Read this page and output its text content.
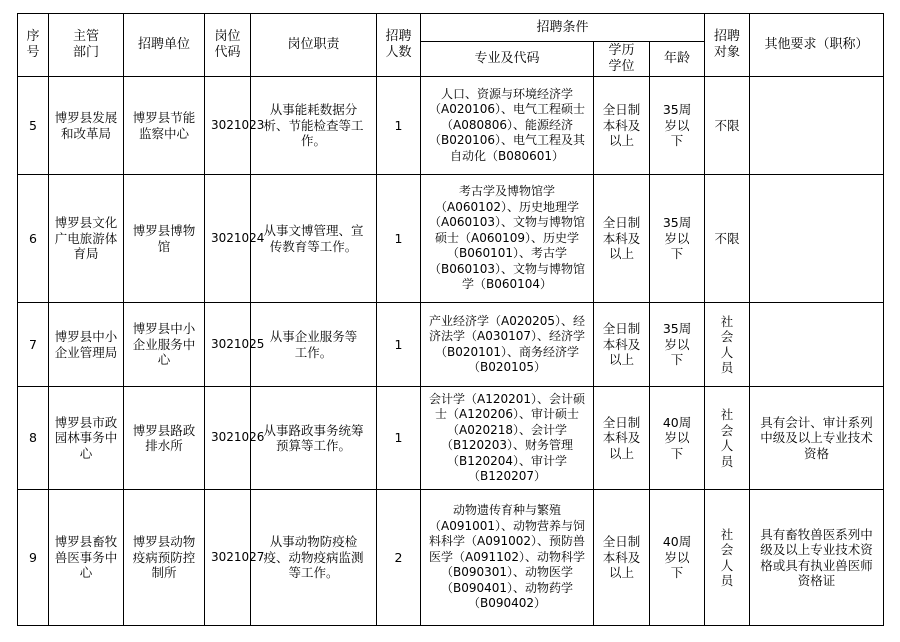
序号	主管部门	招聘单位	岗位代码	岗位职责	招聘人数	招聘条件			招聘对象	其他要求（职称）
						专业及代码	学历学位	年龄		
5	博罗县发展和改革局	博罗县节能监察中心	3021023	从事能耗数据分析、节能检查等工作。	1	人口、资源与环境经济学（A020106）、电气工程硕士（A080806）、能源经济（B020106）、电气工程及其自动化（B080601）	全日制本科及以上	35周岁以下	不限	
6	博罗县文化广电旅游体育局	博罗县博物馆	3021024	从事文博管理、宣传教育等工作。	1	考古学及博物馆学（A060102）、历史地理学（A060103）、文物与博物馆硕士（A060109）、历史学（B060101）、考古学（B060103）、文物与博物馆学（B060104）	全日制本科及以上	35周岁以下	不限	
7	博罗县中小企业管理局	博罗县中小企业服务中心	3021025	从事企业服务等工作。	1	产业经济学（A020205）、经济法学（A030107）、经济学（B020101）、商务经济学（B020105）	全日制本科及以上	35周岁以下	社会人员	
8	博罗县市政园林事务中心	博罗县路政排水所	3021026	从事路政事务统筹预算等工作。	1	会计学（A120201）、会计硕士（A120206）、审计硕士（A020218）、会计学（B120203）、财务管理（B120204）、审计学（B120207）	全日制本科及以上	40周岁以下	社会人员	具有会计、审计系列中级及以上专业技术资格
9	博罗县畜牧兽医事务中心	博罗县动物疫病预防控制所	3021027	从事动物防疫检疫、动物疫病监测等工作。	2	动物遗传育种与繁殖（A091001）、动物营养与饲料科学（A091002）、预防兽医学（A091102）、动物科学（B090301）、动物医学（B090401）、动物药学（B090402）	全日制本科及以上	40周岁以下	社会人员	具有畜牧兽医系列中级及以上专业技术资格或具有执业兽医师资格证
